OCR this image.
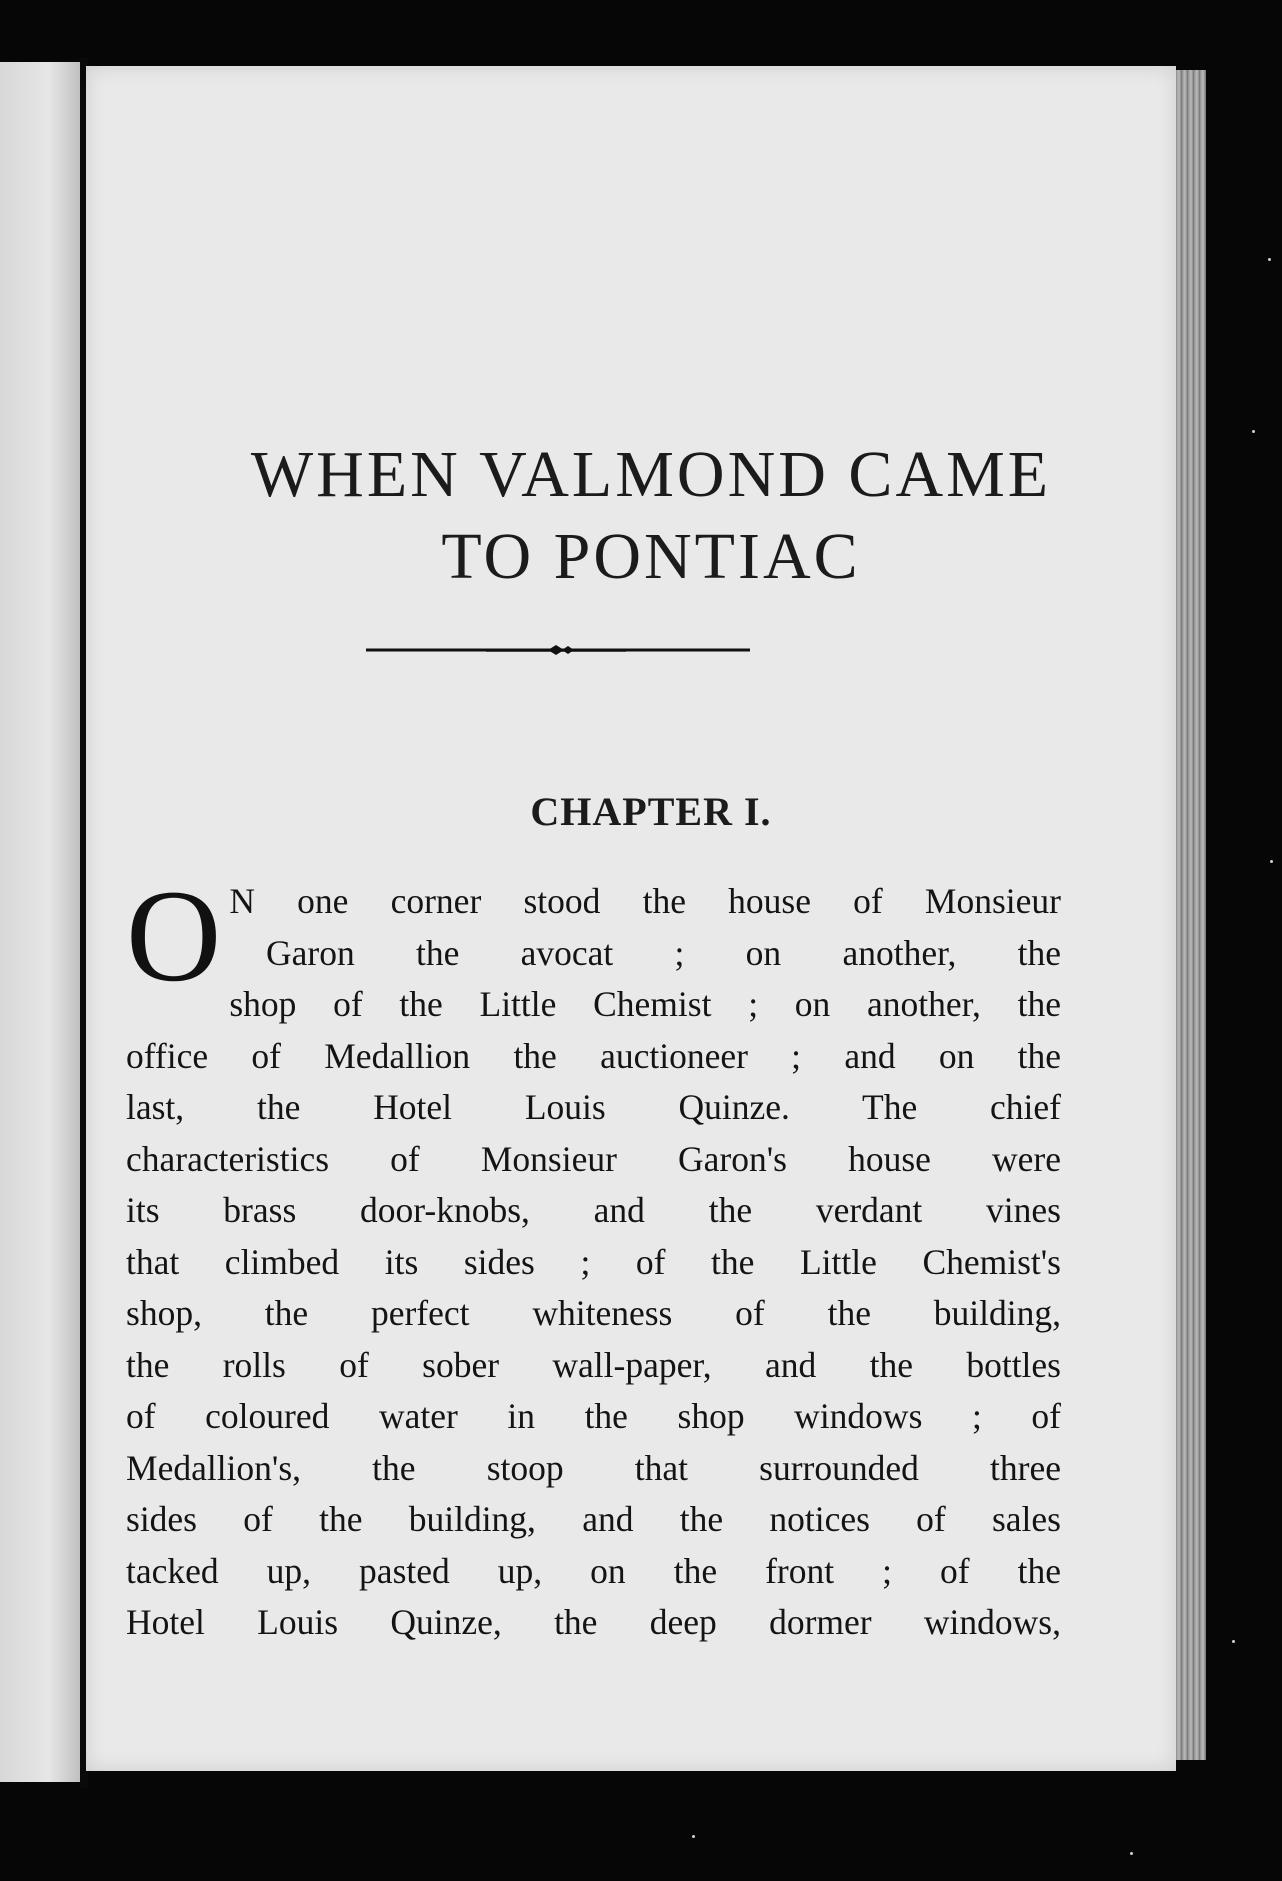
WHEN VALMOND CAME
TO PONTIAC
CHAPTER I.
O N one corner stood the house of Monsieur
Garon the avocat ; on another, the
shop of the Little Chemist ; on another, the
office of Medallion the auctioneer ; and on the
last, the Hotel Louis Quinze. The chief
characteristics of Monsieur Garon's house were
its brass door-knobs, and the verdant vines
that climbed its sides ; of the Little Chemist's
shop, the perfect whiteness of the building,
the rolls of sober wall-paper, and the bottles
of coloured water in the shop windows ; of
Medallion's, the stoop that surrounded three
sides of the building, and the notices of sales
tacked up, pasted up, on the front ; of the
Hotel Louis Quinze, the deep dormer windows,
